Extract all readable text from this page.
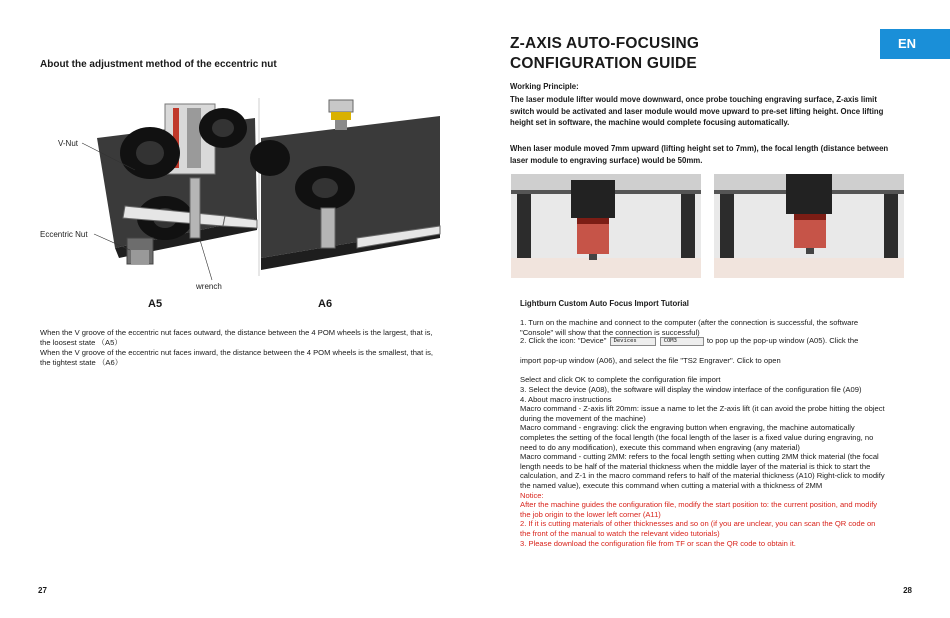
About the adjustment method of the eccentric nut
V-Nut
Eccentric Nut
wrench
A5	A6
When the V groove of the eccentric nut faces outward, the distance between the 4 POM wheels is the largest, that is, the loosest state （A5）
When the V groove of the eccentric nut faces inward, the distance between the 4 POM wheels is the smallest, that is, the tightest state （A6）
27
Z-AXIS AUTO-FOCUSING
CONFIGURATION GUIDE
EN
Working Principle:
The laser module lifter would move downward, once probe touching engraving surface, Z-axis limit switch would be activated and laser module would move upward to pre-set lifting height. Once lifting height set in software, the machine would complete focusing automatically.
When laser module moved 7mm upward (lifting height set to 7mm), the focal length (distance between laser module to engraving surface) would be 50mm.
Lightburn Custom Auto Focus Import Tutorial
1. Turn on the machine and connect to the computer (after the connection is successful, the software "Console" will show that the connection is successful)
2. Click the icon: "Device" Devices	COM3	to pop up the pop-up window (A05). Click the
import pop-up window (A06), and select the file "TS2 Engraver". Click to open
Select and click OK to complete the configuration file import
3. Select the device (A08), the software will display the window interface of the configuration file (A09)
4. About macro instructions
Macro command - Z-axis lift 20mm: issue a name to let the Z-axis lift (it can avoid the probe hitting the object during the movement of the machine)
Macro command - engraving: click the engraving button when engraving, the machine automatically completes the setting of the focal length (the focal length of the laser is a fixed value during engraving, no need to do any modification), execute this command when engraving (any material)
Macro command - cutting 2MM: refers to the focal length setting when cutting 2MM thick material (the focal length needs to be half of the material thickness when the middle layer of the material is thick to start the calculation, and Z-1 in the macro command refers to half of the material thickness (A10) Right-click to modify the named value), execute this command when cutting a material with a thickness of 2MM
Notice:
After the machine guides the configuration file, modify the start position to: the current position, and modify the job origin to the lower left corner (A11)
2. If it is cutting materials of other thicknesses and so on (if you are unclear, you can scan the QR code on the front of the manual to watch the relevant video tutorials)
3. Please download the configuration file from TF or scan the QR code to obtain it.
28
